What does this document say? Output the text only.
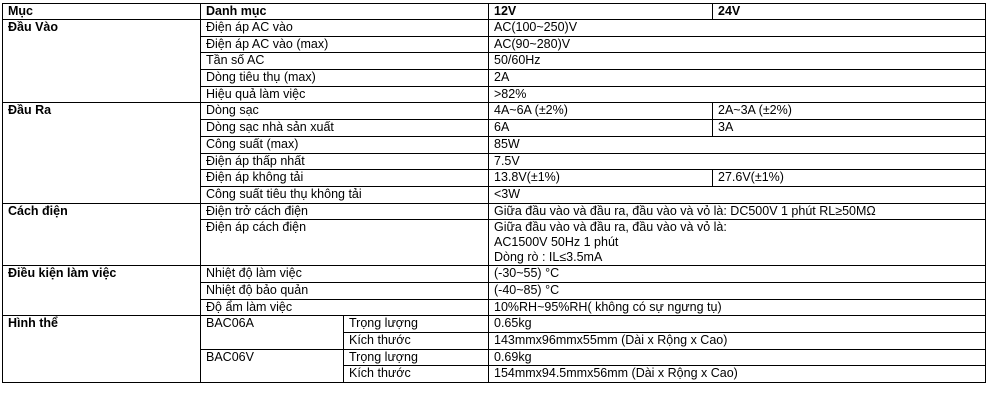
Mục	Danh mục		12V	24V
Đầu Vào	Điện áp AC vào		AC(100~250)V	
	Điện áp AC vào (max)		AC(90~280)V	
	Tần số AC		50/60Hz	
	Dòng tiêu thụ (max)		2A	
	Hiệu quả làm việc		>82%	
Đầu Ra	Dòng sạc		4A~6A (±2%)	2A~3A (±2%)
	Dòng sạc nhà sản xuất		6A	3A
	Công suất (max)		85W	
	Điện áp thấp nhất		7.5V	
	Điện áp không tải		13.8V(±1%)	27.6V(±1%)
	Công suất tiêu thụ không tải		<3W	
Cách điện	Điện trở cách điện		Giữa đầu vào và đầu ra, đầu vào và vỏ là: DC500V 1 phút RL≥50MΩ	
	Điện áp cách điện		Giữa đầu vào và đầu ra, đầu vào và vỏ là:
AC1500V 50Hz 1 phút
Dòng rò : IL≤3.5mA	

Điều kiện làm việc	Nhiệt độ làm việc		(-30~55) °C	
	Nhiệt độ bảo quản		(-40~85) °C	
	Độ ẩm làm việc		10%RH~95%RH( không có sự ngưng tụ)	
Hình thể	BAC06A	Trọng lượng	0.65kg	
		Kích thước	143mmx96mmx55mm (Dài x Rộng x Cao)	
	BAC06V	Trọng lượng	0.69kg	
		Kích thước	154mmx94.5mmx56mm (Dài x Rộng x Cao)	
